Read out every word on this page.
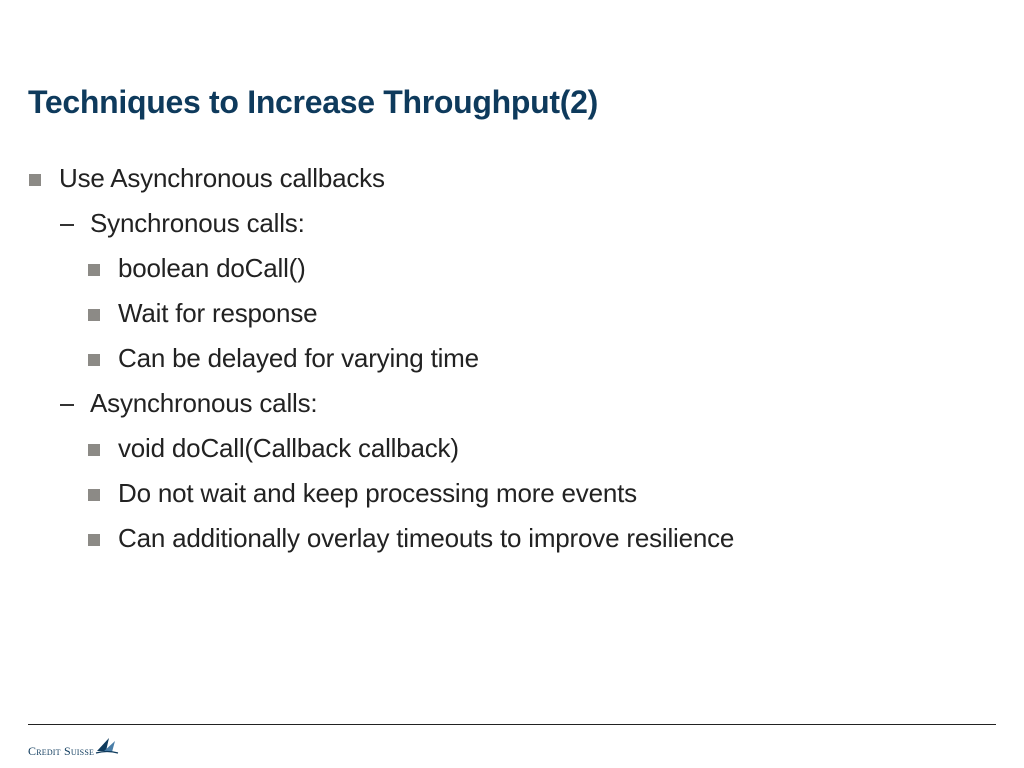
Techniques to Increase Throughput(2)
Use Asynchronous callbacks
Synchronous calls:
boolean doCall()
Wait for response
Can be delayed for varying time
Asynchronous calls:
void doCall(Callback callback)
Do not wait and keep processing more events
Can additionally overlay timeouts to improve resilience
Credit Suisse
